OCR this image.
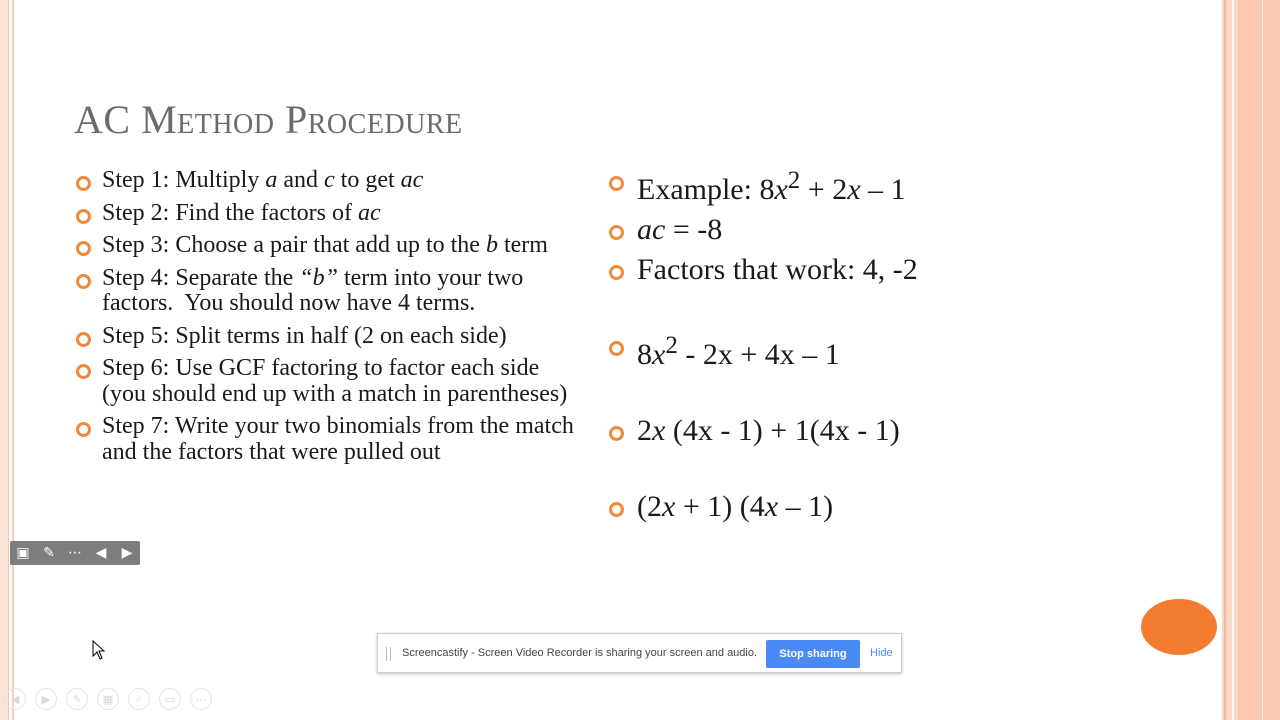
AC Method Procedure
Step 1: Multiply a and c to get ac
Step 2: Find the factors of ac
Step 3: Choose a pair that add up to the b term
Step 4: Separate the “b” term into your two factors.  You should now have 4 terms.
Step 5: Split terms in half (2 on each side)
Step 6: Use GCF factoring to factor each side (you should end up with a match in parentheses)
Step 7: Write your two binomials from the match and the factors that were pulled out
Example: $8x^2 + 2x - 1$
ac = -8
Factors that work: 4, -2
$8x^2 - 2x + 4x - 1$
2x (4x - 1) + 1(4x - 1)
(2x + 1) (4x – 1)
▣ ✎ ⋯ ◀	▶
◀	▶	✎	▦	⌕	▭	⋯
Screencastify - Screen Video Recorder is sharing your screen and audio.	Stop sharing	Hide
